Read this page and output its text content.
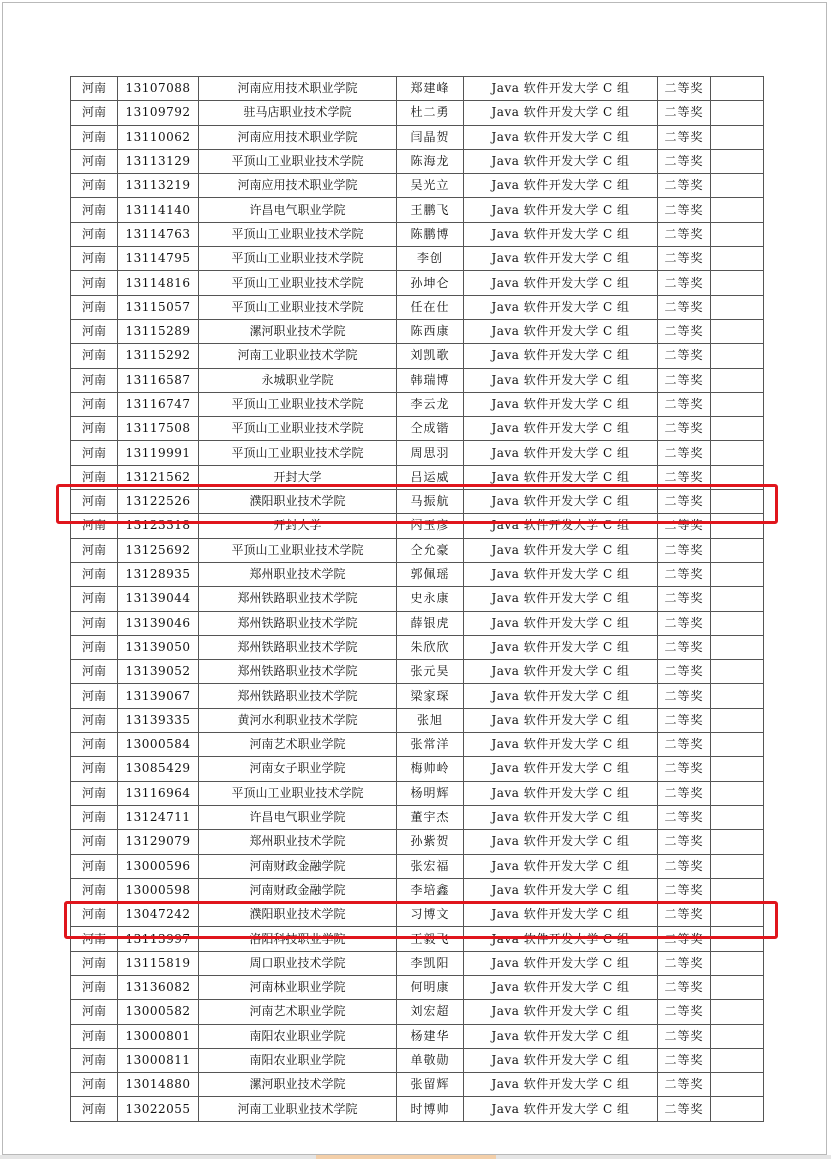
河南	13107088	河南应用技术职业学院	郑建峰	Java 软件开发大学 C 组	二等奖	
河南	13109792	驻马店职业技术学院	杜二勇	Java 软件开发大学 C 组	二等奖	
河南	13110062	河南应用技术职业学院	闫晶贺	Java 软件开发大学 C 组	二等奖	
河南	13113129	平顶山工业职业技术学院	陈海龙	Java 软件开发大学 C 组	二等奖	
河南	13113219	河南应用技术职业学院	吴光立	Java 软件开发大学 C 组	二等奖	
河南	13114140	许昌电气职业学院	王鹏飞	Java 软件开发大学 C 组	二等奖	
河南	13114763	平顶山工业职业技术学院	陈鹏博	Java 软件开发大学 C 组	二等奖	
河南	13114795	平顶山工业职业技术学院	李创	Java 软件开发大学 C 组	二等奖	
河南	13114816	平顶山工业职业技术学院	孙坤仑	Java 软件开发大学 C 组	二等奖	
河南	13115057	平顶山工业职业技术学院	任在仕	Java 软件开发大学 C 组	二等奖	
河南	13115289	漯河职业技术学院	陈西康	Java 软件开发大学 C 组	二等奖	
河南	13115292	河南工业职业技术学院	刘凯歌	Java 软件开发大学 C 组	二等奖	
河南	13116587	永城职业学院	韩瑞博	Java 软件开发大学 C 组	二等奖	
河南	13116747	平顶山工业职业技术学院	李云龙	Java 软件开发大学 C 组	二等奖	
河南	13117508	平顶山工业职业技术学院	仝成锴	Java 软件开发大学 C 组	二等奖	
河南	13119991	平顶山工业职业技术学院	周思羽	Java 软件开发大学 C 组	二等奖	
河南	13121562	开封大学	吕运威	Java 软件开发大学 C 组	二等奖	
河南	13122526	濮阳职业技术学院	马振航	Java 软件开发大学 C 组	二等奖	
河南	13123318	开封大学	闪玉彦	Java 软件开发大学 C 组	二等奖	
河南	13125692	平顶山工业职业技术学院	仝允豪	Java 软件开发大学 C 组	二等奖	
河南	13128935	郑州职业技术学院	郭佩瑶	Java 软件开发大学 C 组	二等奖	
河南	13139044	郑州铁路职业技术学院	史永康	Java 软件开发大学 C 组	二等奖	
河南	13139046	郑州铁路职业技术学院	薛银虎	Java 软件开发大学 C 组	二等奖	
河南	13139050	郑州铁路职业技术学院	朱欣欣	Java 软件开发大学 C 组	二等奖	
河南	13139052	郑州铁路职业技术学院	张元昊	Java 软件开发大学 C 组	二等奖	
河南	13139067	郑州铁路职业技术学院	梁家琛	Java 软件开发大学 C 组	二等奖	
河南	13139335	黄河水利职业技术学院	张旭	Java 软件开发大学 C 组	二等奖	
河南	13000584	河南艺术职业学院	张常洋	Java 软件开发大学 C 组	二等奖	
河南	13085429	河南女子职业学院	梅帅岭	Java 软件开发大学 C 组	二等奖	
河南	13116964	平顶山工业职业技术学院	杨明辉	Java 软件开发大学 C 组	二等奖	
河南	13124711	许昌电气职业学院	董宇杰	Java 软件开发大学 C 组	二等奖	
河南	13129079	郑州职业技术学院	孙紫贺	Java 软件开发大学 C 组	二等奖	
河南	13000596	河南财政金融学院	张宏福	Java 软件开发大学 C 组	二等奖	
河南	13000598	河南财政金融学院	李培鑫	Java 软件开发大学 C 组	二等奖	
河南	13047242	濮阳职业技术学院	习博文	Java 软件开发大学 C 组	二等奖	
河南	13113997	洛阳科技职业学院	王毅飞	Java 软件开发大学 C 组	二等奖	
河南	13115819	周口职业技术学院	李凯阳	Java 软件开发大学 C 组	二等奖	
河南	13136082	河南林业职业学院	何明康	Java 软件开发大学 C 组	二等奖	
河南	13000582	河南艺术职业学院	刘宏超	Java 软件开发大学 C 组	二等奖	
河南	13000801	南阳农业职业学院	杨建华	Java 软件开发大学 C 组	二等奖	
河南	13000811	南阳农业职业学院	单敬勋	Java 软件开发大学 C 组	二等奖	
河南	13014880	漯河职业技术学院	张留辉	Java 软件开发大学 C 组	二等奖	
河南	13022055	河南工业职业技术学院	时博帅	Java 软件开发大学 C 组	二等奖	
